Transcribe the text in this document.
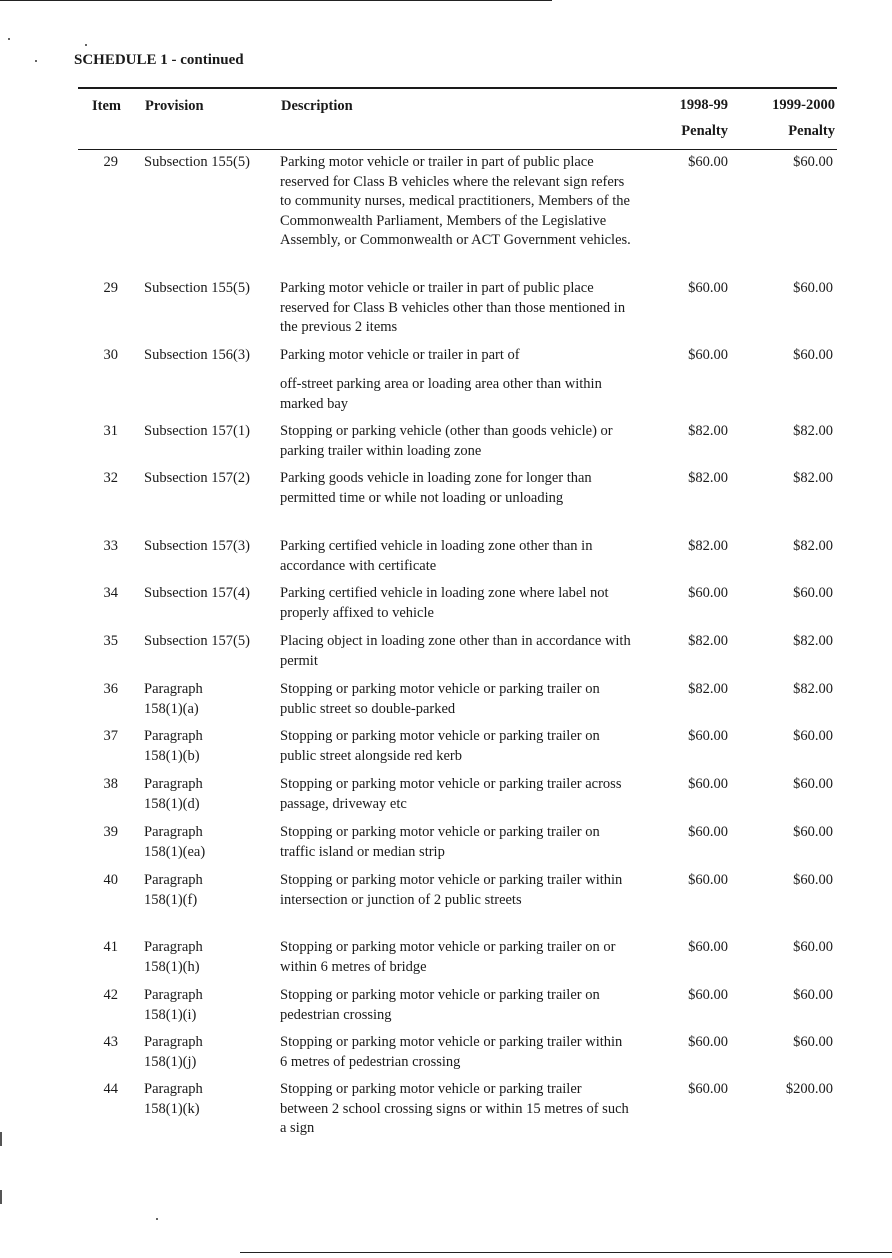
SCHEDULE 1 - continued
Item Provision	Description	1998-99
Penalty
1999-2000
Penalty
29 Subsection 155(5)	Parking motor vehicle or trailer in part of public place reserved for Class B vehicles where the relevant sign refers to community nurses, medical practitioners, Members of the Commonwealth Parliament, Members of the Legislative Assembly, or Commonwealth or ACT Government vehicles.
$60.00	$60.00
29 Subsection 155(5)	Parking motor vehicle or trailer in part of public place reserved for Class B vehicles other than those mentioned in the previous 2 items
$60.00	$60.00
30 Subsection 156(3)	Parking motor vehicle or trailer in part of	$60.00	$60.00
off-street parking area or loading area other than within marked bay
31 Subsection 157(1)	Stopping or parking vehicle (other than goods vehicle) or parking trailer within loading zone
$82.00	$82.00
32 Subsection 157(2)	Parking goods vehicle in loading zone for longer than permitted time or while not loading or unloading
$82.00	$82.00
33 Subsection 157(3)	Parking certified vehicle in loading zone other than in accordance with certificate
$82.00	$82.00
34 Subsection 157(4)	Parking certified vehicle in loading zone where label not properly affixed to vehicle
$60.00	$60.00
35 Subsection 157(5)	Placing object in loading zone other than in accordance with permit
$82.00	$82.00
36 Paragraph 158(1)(a)
Stopping or parking motor vehicle or parking trailer on public street so double-parked
$82.00	$82.00
37 Paragraph 158(1)(b)
Stopping or parking motor vehicle or parking trailer on public street alongside red kerb
$60.00	$60.00
38 Paragraph 158(1)(d)
Stopping or parking motor vehicle or parking trailer across passage, driveway etc
$60.00	$60.00
39 Paragraph 158(1)(ea)
Stopping or parking motor vehicle or parking trailer on traffic island or median strip
$60.00	$60.00
40 Paragraph 158(1)(f)
Stopping or parking motor vehicle or parking trailer within intersection or junction of 2 public streets
$60.00	$60.00
41 Paragraph 158(1)(h)
Stopping or parking motor vehicle or parking trailer on or within 6 metres of bridge
$60.00	$60.00
42 Paragraph 158(1)(i)
Stopping or parking motor vehicle or parking trailer on pedestrian crossing
$60.00	$60.00
43 Paragraph 158(1)(j)
Stopping or parking motor vehicle or parking trailer within 6 metres of pedestrian crossing
$60.00	$60.00
44 Paragraph 158(1)(k)
Stopping or parking motor vehicle or parking trailer between 2 school crossing signs or within 15 metres of such a sign
$60.00	$200.00
